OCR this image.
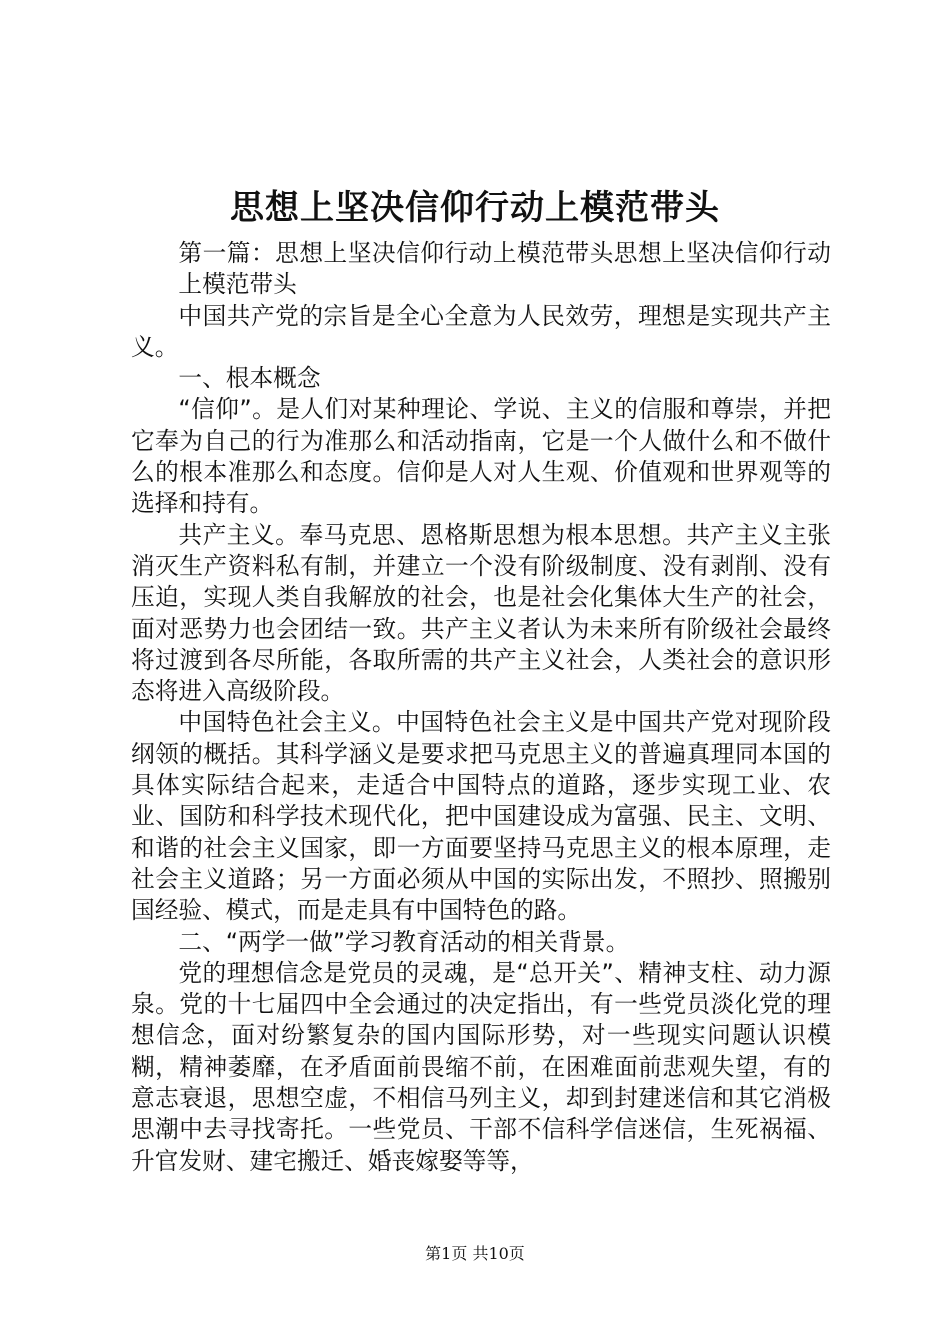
思想上坚决信仰行动上模范带头

第一篇：思想上坚决信仰行动上模范带头思想上坚决信仰行动上模范带头

中国共产党的宗旨是全心全意为人民效劳，理想是实现共产主义。

一、根本概念

“信仰”。是人们对某种理论、学说、主义的信服和尊崇，并把它奉为自己的行为准那么和活动指南，它是一个人做什么和不做什么的根本准那么和态度。信仰是人对人生观、价值观和世界观等的选择和持有。

共产主义。奉马克思、恩格斯思想为根本思想。共产主义主张消灭生产资料私有制，并建立一个没有阶级制度、没有剥削、没有压迫，实现人类自我解放的社会，也是社会化集体大生产的社会，面对恶势力也会团结一致。共产主义者认为未来所有阶级社会最终将过渡到各尽所能，各取所需的共产主义社会，人类社会的意识形态将进入高级阶段。

中国特色社会主义。中国特色社会主义是中国共产党对现阶段纲领的概括。其科学涵义是要求把马克思主义的普遍真理同本国的具体实际结合起来，走适合中国特点的道路，逐步实现工业、农业、国防和科学技术现代化，把中国建设成为富强、民主、文明、和谐的社会主义国家，即一方面要坚持马克思主义的根本原理，走社会主义道路；另一方面必须从中国的实际出发，不照抄、照搬别国经验、模式，而是走具有中国特色的路。

二、“两学一做”学习教育活动的相关背景。

党的理想信念是党员的灵魂，是“总开关”、精神支柱、动力源泉。党的十七届四中全会通过的决定指出，有一些党员淡化党的理想信念，面对纷繁复杂的国内国际形势，对一些现实问题认识模糊，精神萎靡，在矛盾面前畏缩不前，在困难面前悲观失望，有的意志衰退，思想空虚，不相信马列主义，却到封建迷信和其它消极思潮中去寻找寄托。一些党员、干部不信科学信迷信，生死祸福、升官发财、建宅搬迁、婚丧嫁娶等等，

第1页 共10页
